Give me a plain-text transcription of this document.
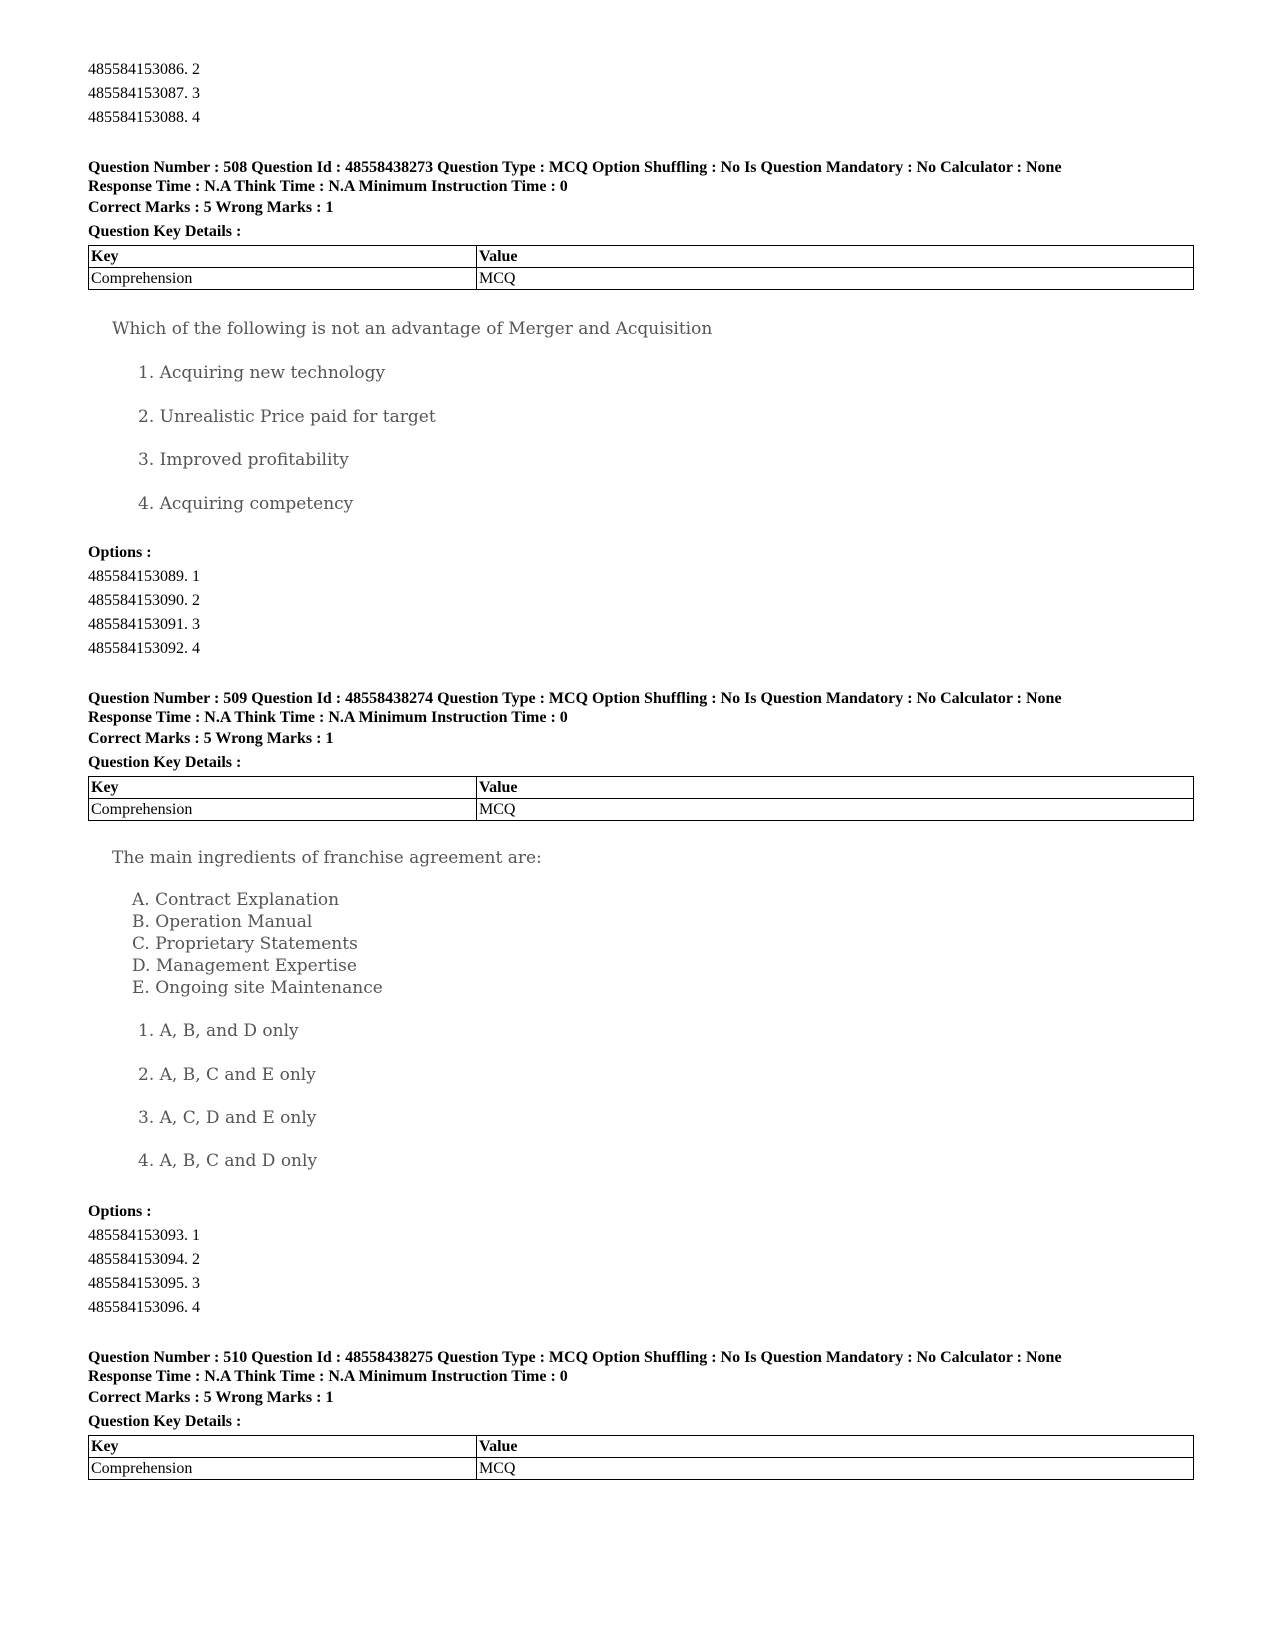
485584153086. 2
485584153087. 3
485584153088. 4
Question Number : 508 Question Id : 48558438273 Question Type : MCQ Option Shuffling : No Is Question Mandatory : No Calculator : None
Response Time : N.A Think Time : N.A Minimum Instruction Time : 0
Correct Marks : 5 Wrong Marks : 1
Question Key Details :
Key	Value
Comprehension	MCQ
Which of the following is not an advantage of Merger and Acquisition
1. Acquiring new technology
2. Unrealistic Price paid for target
3. Improved profitability
4. Acquiring competency
Options :
485584153089. 1
485584153090. 2
485584153091. 3
485584153092. 4
Question Number : 509 Question Id : 48558438274 Question Type : MCQ Option Shuffling : No Is Question Mandatory : No Calculator : None
Response Time : N.A Think Time : N.A Minimum Instruction Time : 0
Correct Marks : 5 Wrong Marks : 1
Question Key Details :
Key	Value
Comprehension	MCQ
The main ingredients of franchise agreement are:
A. Contract Explanation
B. Operation Manual
C. Proprietary Statements
D. Management Expertise
E. Ongoing site Maintenance
1. A, B, and D only
2. A, B, C and E only
3. A, C, D and E only
4. A, B, C and D only
Options :
485584153093. 1
485584153094. 2
485584153095. 3
485584153096. 4
Question Number : 510 Question Id : 48558438275 Question Type : MCQ Option Shuffling : No Is Question Mandatory : No Calculator : None
Response Time : N.A Think Time : N.A Minimum Instruction Time : 0
Correct Marks : 5 Wrong Marks : 1
Question Key Details :
Key	Value
Comprehension	MCQ
